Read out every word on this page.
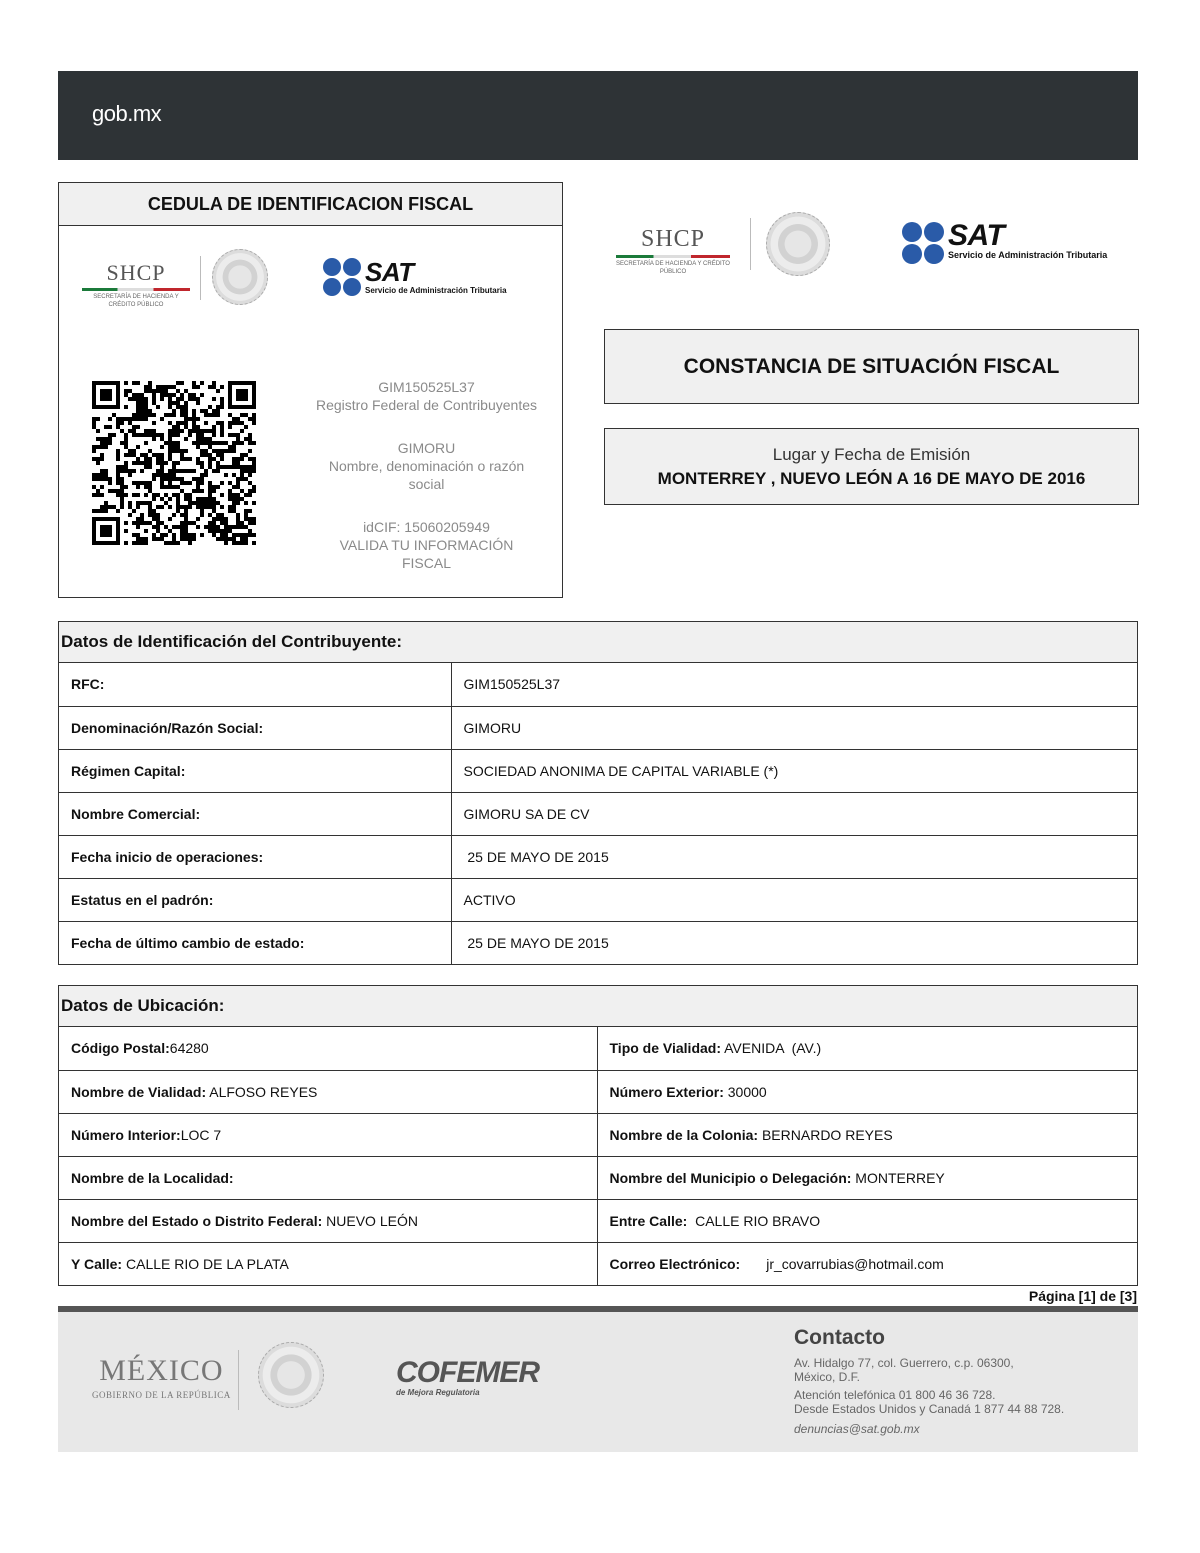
gob.mx
CEDULA DE IDENTIFICACION FISCAL
SHCP
SECRETARÍA DE HACIENDA Y CRÉDITO PÚBLICO
SAT
Servicio de Administración Tributaria
GIM150525L37
Registro Federal de Contribuyentes
GIMORU
Nombre, denominación o razón social
idCIF: 15060205949
VALIDA TU INFORMACIÓN FISCAL
SHCP
SECRETARÍA DE HACIENDA Y CRÉDITO PÚBLICO
SAT
Servicio de Administración Tributaria
CONSTANCIA DE SITUACIÓN FISCAL
Lugar y Fecha de Emisión
MONTERREY , NUEVO LEÓN A 16 DE MAYO DE 2016
Datos de Identificación del Contribuyente:
RFC:	GIM150525L37
Denominación/Razón Social:	GIMORU
Régimen Capital:	SOCIEDAD ANONIMA DE CAPITAL VARIABLE (*)
Nombre Comercial:	GIMORU SA DE CV
Fecha inicio de operaciones:	25 DE MAYO DE 2015
Estatus en el padrón:	ACTIVO
Fecha de último cambio de estado:	25 DE MAYO DE 2015
Datos de Ubicación:
Código Postal:64280	Tipo de Vialidad: AVENIDA  (AV.)
Nombre de Vialidad: ALFOSO REYES	Número Exterior: 30000
Número Interior:LOC 7	Nombre de la Colonia: BERNARDO REYES
Nombre de la Localidad:	Nombre del Municipio o Delegación: MONTERREY
Nombre del Estado o Distrito Federal: NUEVO LEÓN	Entre Calle:  CALLE RIO BRAVO
Y Calle: CALLE RIO DE LA PLATA	Correo Electrónico: jr_covarrubias@hotmail.com
Página [1] de [3]
MÉXICO
GOBIERNO DE LA REPÚBLICA
COFEMER
de Mejora Regulatoria
Contacto
Av. Hidalgo 77, col. Guerrero, c.p. 06300,
México, D.F.
Atención telefónica 01 800 46 36 728.
Desde Estados Unidos y Canadá 1 877 44 88 728.
denuncias@sat.gob.mx
